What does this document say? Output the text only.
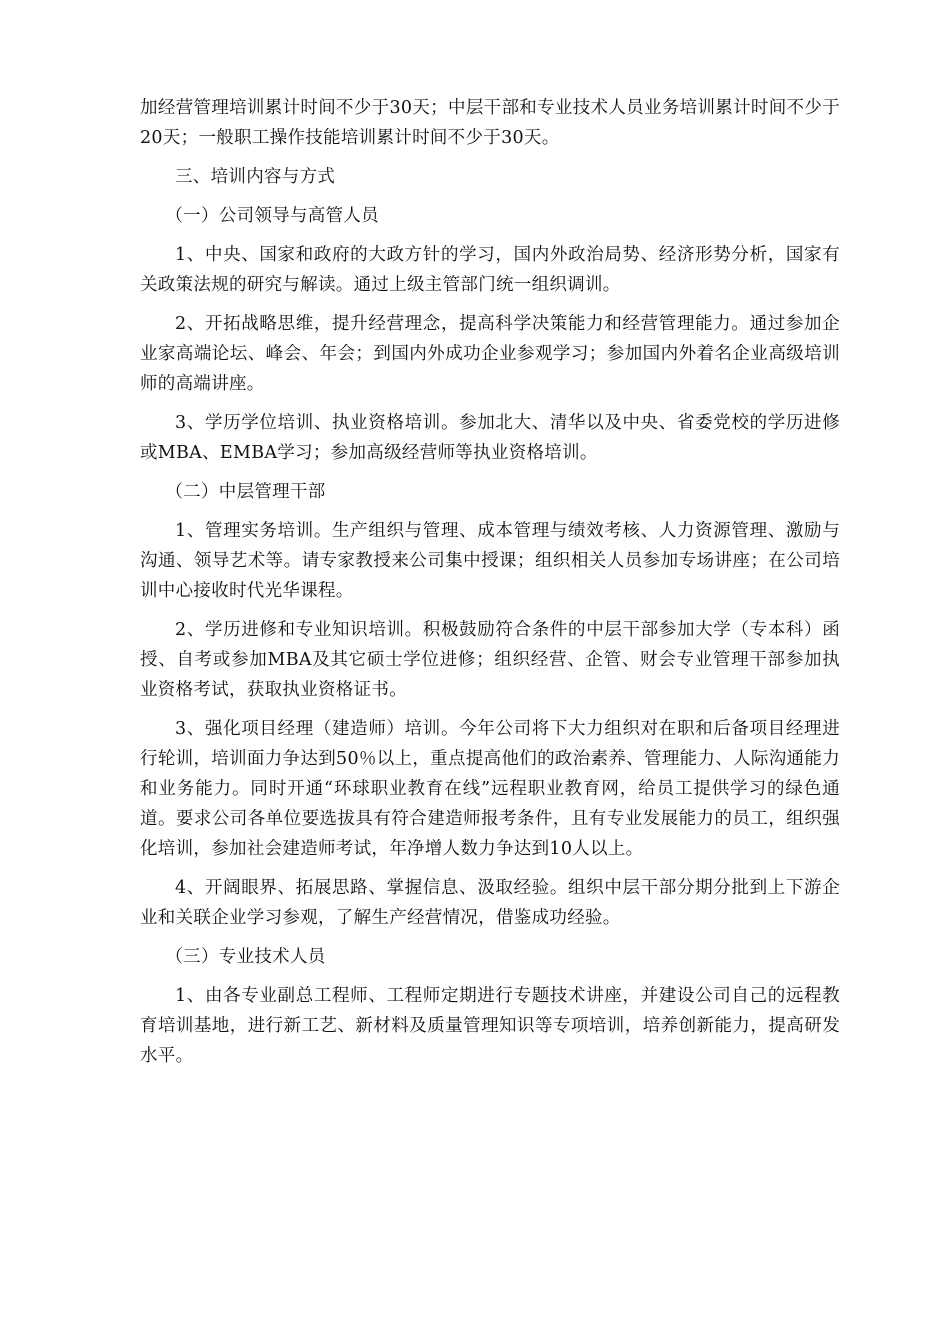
加经营管理培训累计时间不少于30天；中层干部和专业技术人员业务培训累计时间不少于20天；一般职工操作技能培训累计时间不少于30天。

三、培训内容与方式

（一）公司领导与高管人员

1、中央、国家和政府的大政方针的学习，国内外政治局势、经济形势分析，国家有关政策法规的研究与解读。通过上级主管部门统一组织调训。

2、开拓战略思维，提升经营理念，提高科学决策能力和经营管理能力。通过参加企业家高端论坛、峰会、年会；到国内外成功企业参观学习；参加国内外着名企业高级培训师的高端讲座。

3、学历学位培训、执业资格培训。参加北大、清华以及中央、省委党校的学历进修或MBA、EMBA学习；参加高级经营师等执业资格培训。

（二）中层管理干部

1、管理实务培训。生产组织与管理、成本管理与绩效考核、人力资源管理、激励与沟通、领导艺术等。请专家教授来公司集中授课；组织相关人员参加专场讲座；在公司培训中心接收时代光华课程。

2、学历进修和专业知识培训。积极鼓励符合条件的中层干部参加大学（专本科）函授、自考或参加MBA及其它硕士学位进修；组织经营、企管、财会专业管理干部参加执业资格考试，获取执业资格证书。

3、强化项目经理（建造师）培训。今年公司将下大力组织对在职和后备项目经理进行轮训，培训面力争达到50％以上，重点提高他们的政治素养、管理能力、人际沟通能力和业务能力。同时开通“环球职业教育在线”远程职业教育网，给员工提供学习的绿色通道。要求公司各单位要选拔具有符合建造师报考条件，且有专业发展能力的员工，组织强化培训，参加社会建造师考试，年净增人数力争达到10人以上。

4、开阔眼界、拓展思路、掌握信息、汲取经验。组织中层干部分期分批到上下游企业和关联企业学习参观，了解生产经营情况，借鉴成功经验。

（三）专业技术人员

1、由各专业副总工程师、工程师定期进行专题技术讲座，并建设公司自己的远程教育培训基地，进行新工艺、新材料及质量管理知识等专项培训，培养创新能力，提高研发水平。
